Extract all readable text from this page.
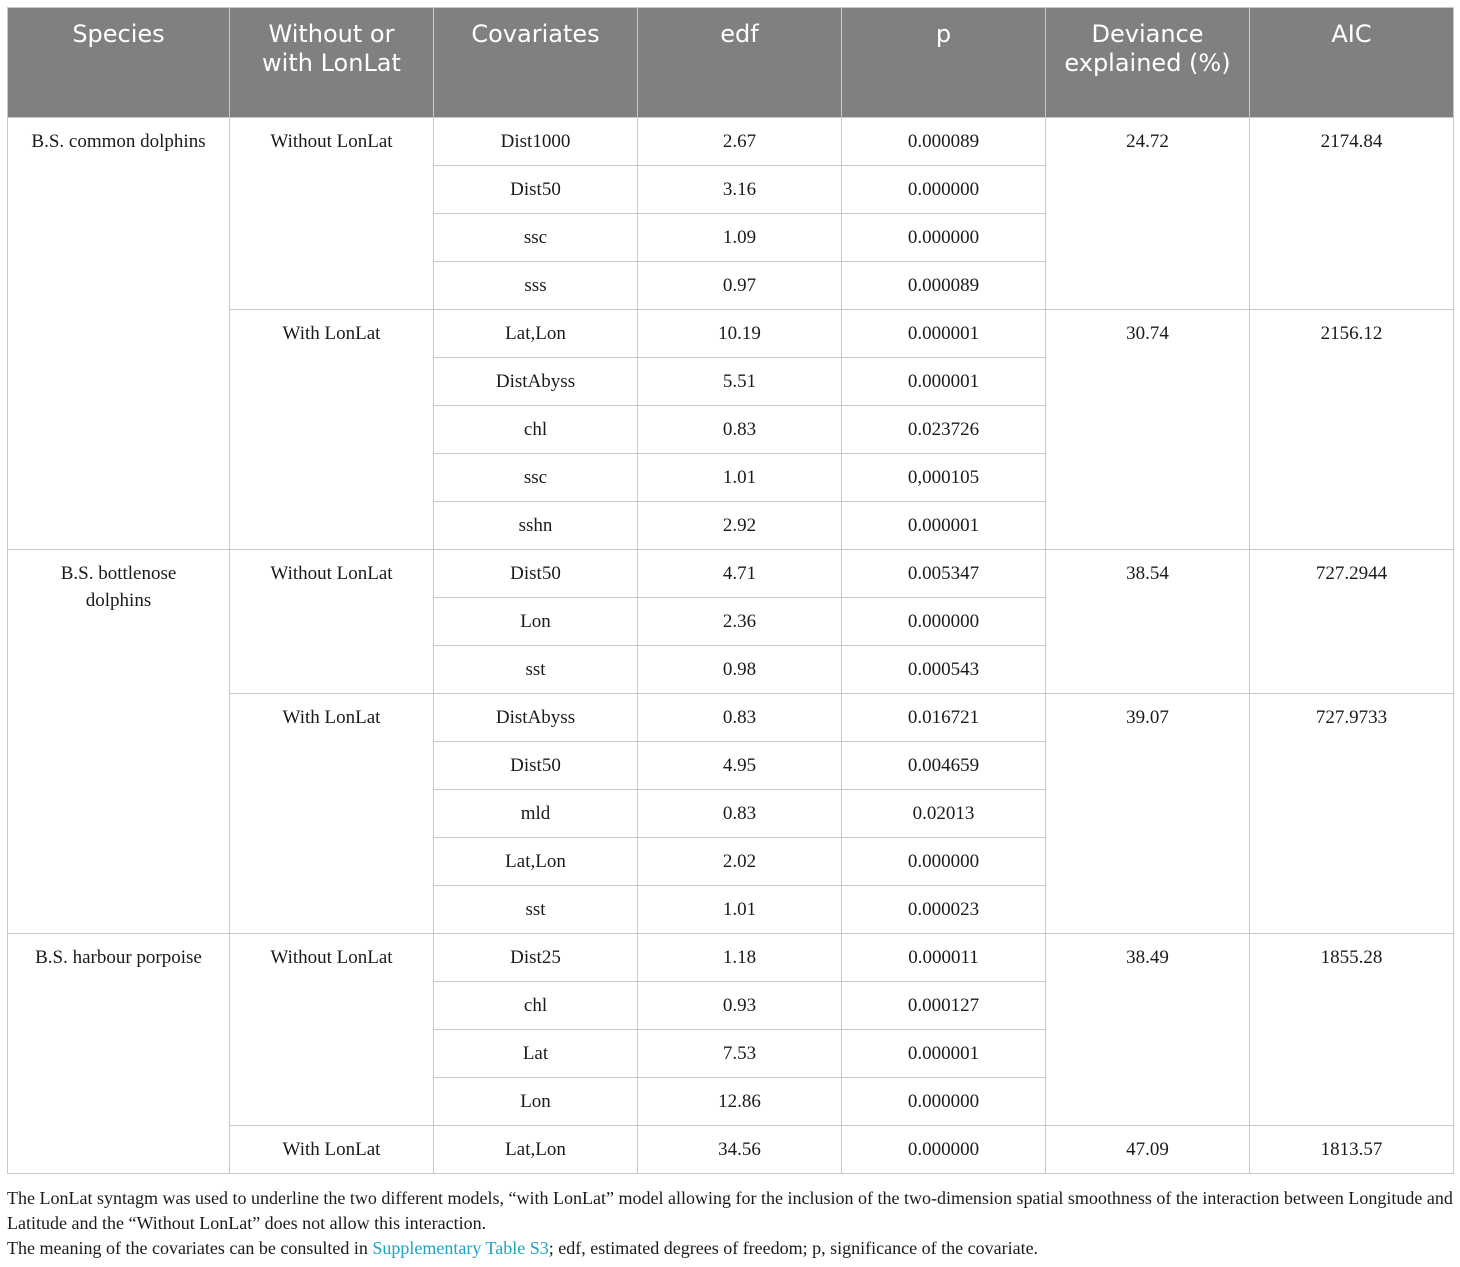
Species	Without or with LonLat	Covariates	edf	p	Deviance explained (%)	AIC
B.S. common dolphins	Without LonLat	Dist1000	2.67	0.000089	24.72	2174.84
		Dist50	3.16	0.000000		
		ssc	1.09	0.000000		
		sss	0.97	0.000089		
	With LonLat	Lat,Lon	10.19	0.000001	30.74	2156.12
		DistAbyss	5.51	0.000001		
		chl	0.83	0.023726		
		ssc	1.01	0,000105		
		sshn	2.92	0.000001		
B.S. bottlenose dolphins	Without LonLat	Dist50	4.71	0.005347	38.54	727.2944
		Lon	2.36	0.000000		
		sst	0.98	0.000543		
	With LonLat	DistAbyss	0.83	0.016721	39.07	727.9733
		Dist50	4.95	0.004659		
		mld	0.83	0.02013		
		Lat,Lon	2.02	0.000000		
		sst	1.01	0.000023		
B.S. harbour porpoise	Without LonLat	Dist25	1.18	0.000011	38.49	1855.28
		chl	0.93	0.000127		
		Lat	7.53	0.000001		
		Lon	12.86	0.000000		
	With LonLat	Lat,Lon	34.56	0.000000	47.09	1813.57

The LonLat syntagm was used to underline the two different models, “with LonLat” model allowing for the inclusion of the two-dimension spatial smoothness of the interaction between Longitude and Latitude and the “Without LonLat” does not allow this interaction.

The meaning of the covariates can be consulted in Supplementary Table S3; edf, estimated degrees of freedom; p, significance of the covariate.
